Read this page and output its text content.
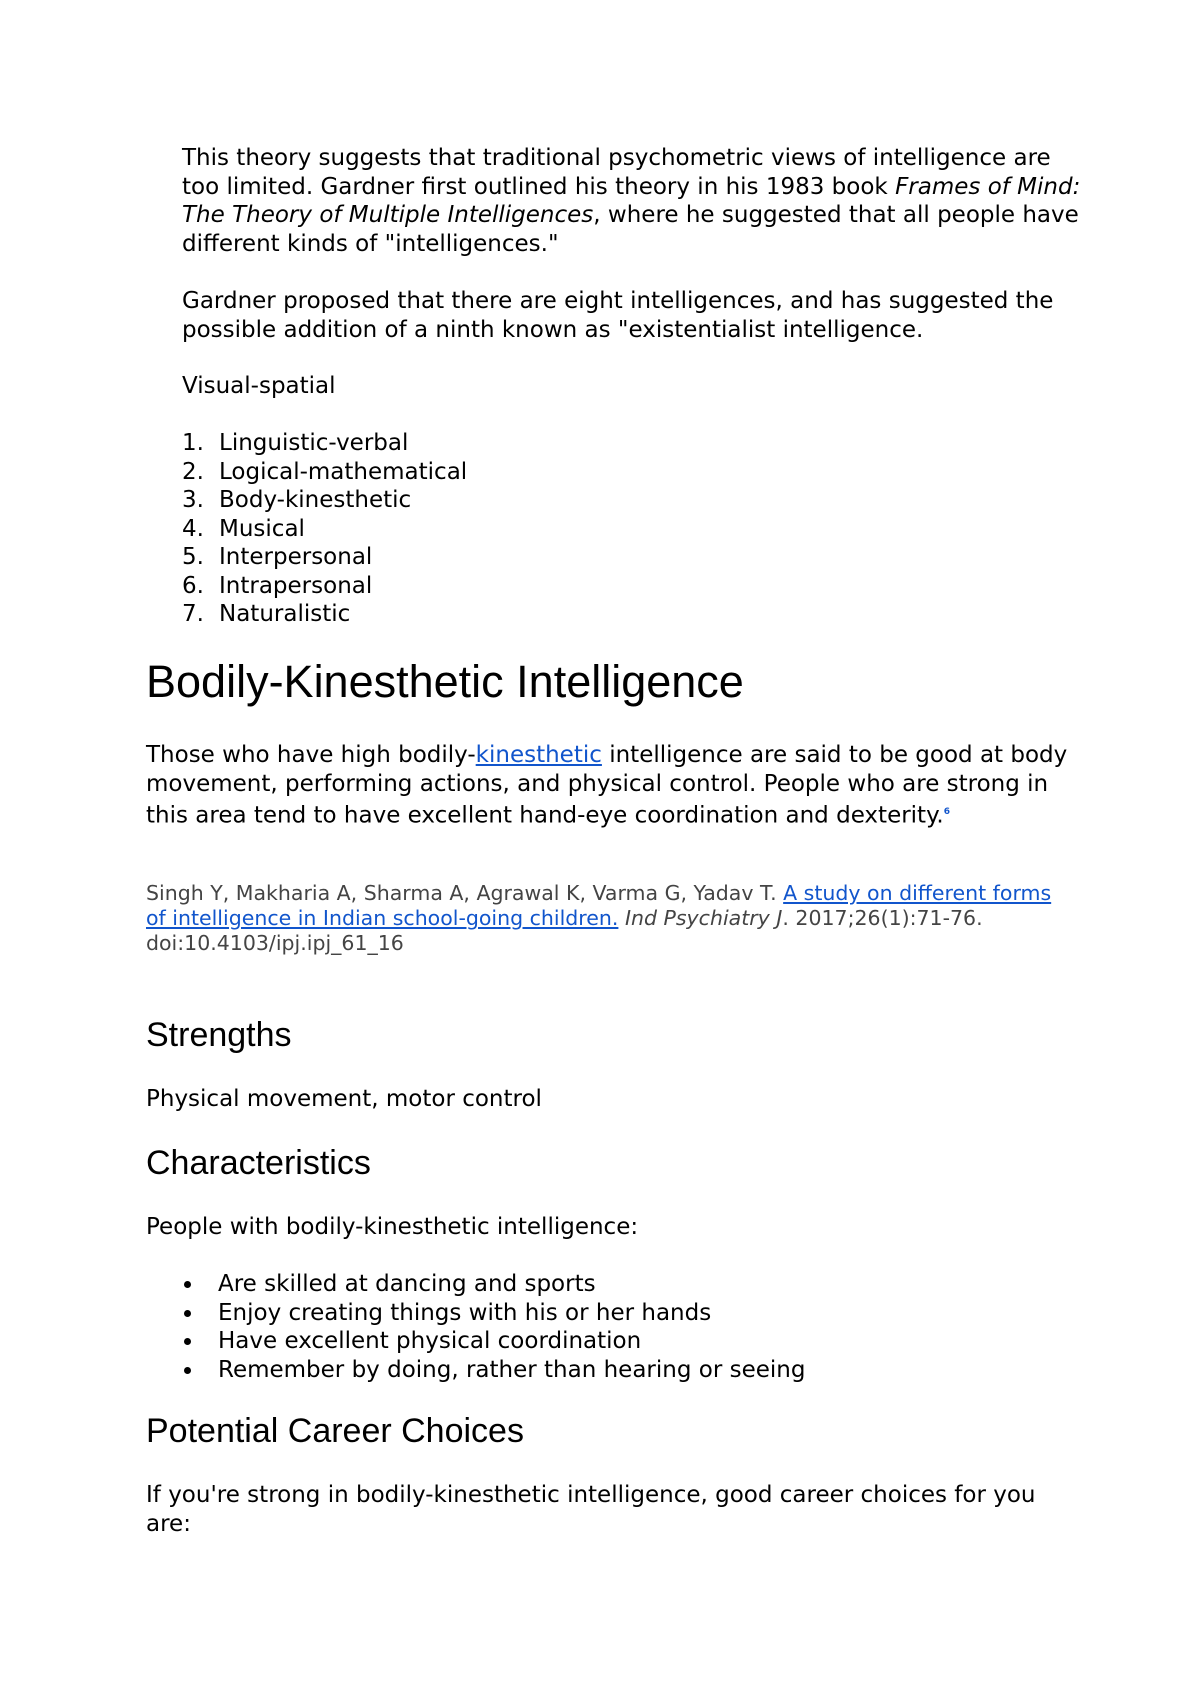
This theory suggests that traditional psychometric views of intelligence are too limited. Gardner first outlined his theory in his 1983 book Frames of Mind: The Theory of Multiple Intelligences, where he suggested that all people have different kinds of "intelligences."

Gardner proposed that there are eight intelligences, and has suggested the possible addition of a ninth known as "existentialist intelligence.

Visual-spatial

1. Linguistic-verbal
2. Logical-mathematical
3. Body-kinesthetic
4. Musical
5. Interpersonal
6. Intrapersonal
7. Naturalistic
Bodily-Kinesthetic Intelligence

Those who have high bodily-kinesthetic intelligence are said to be good at body movement, performing actions, and physical control. People who are strong in this area tend to have excellent hand-eye coordination and dexterity.$^6$

Singh Y, Makharia A, Sharma A, Agrawal K, Varma G, Yadav T. A study on different forms of intelligence in Indian school-going children. Ind Psychiatry J. 2017;26(1):71-76. doi:10.4103/ipj.ipj_61_16

Strengths
Physical movement, motor control
Characteristics
People with bodily-kinesthetic intelligence:
Are skilled at dancing and sports
Enjoy creating things with his or her hands
Have excellent physical coordination
Remember by doing, rather than hearing or seeing
Potential Career Choices
If you're strong in bodily-kinesthetic intelligence, good career choices for you are:
